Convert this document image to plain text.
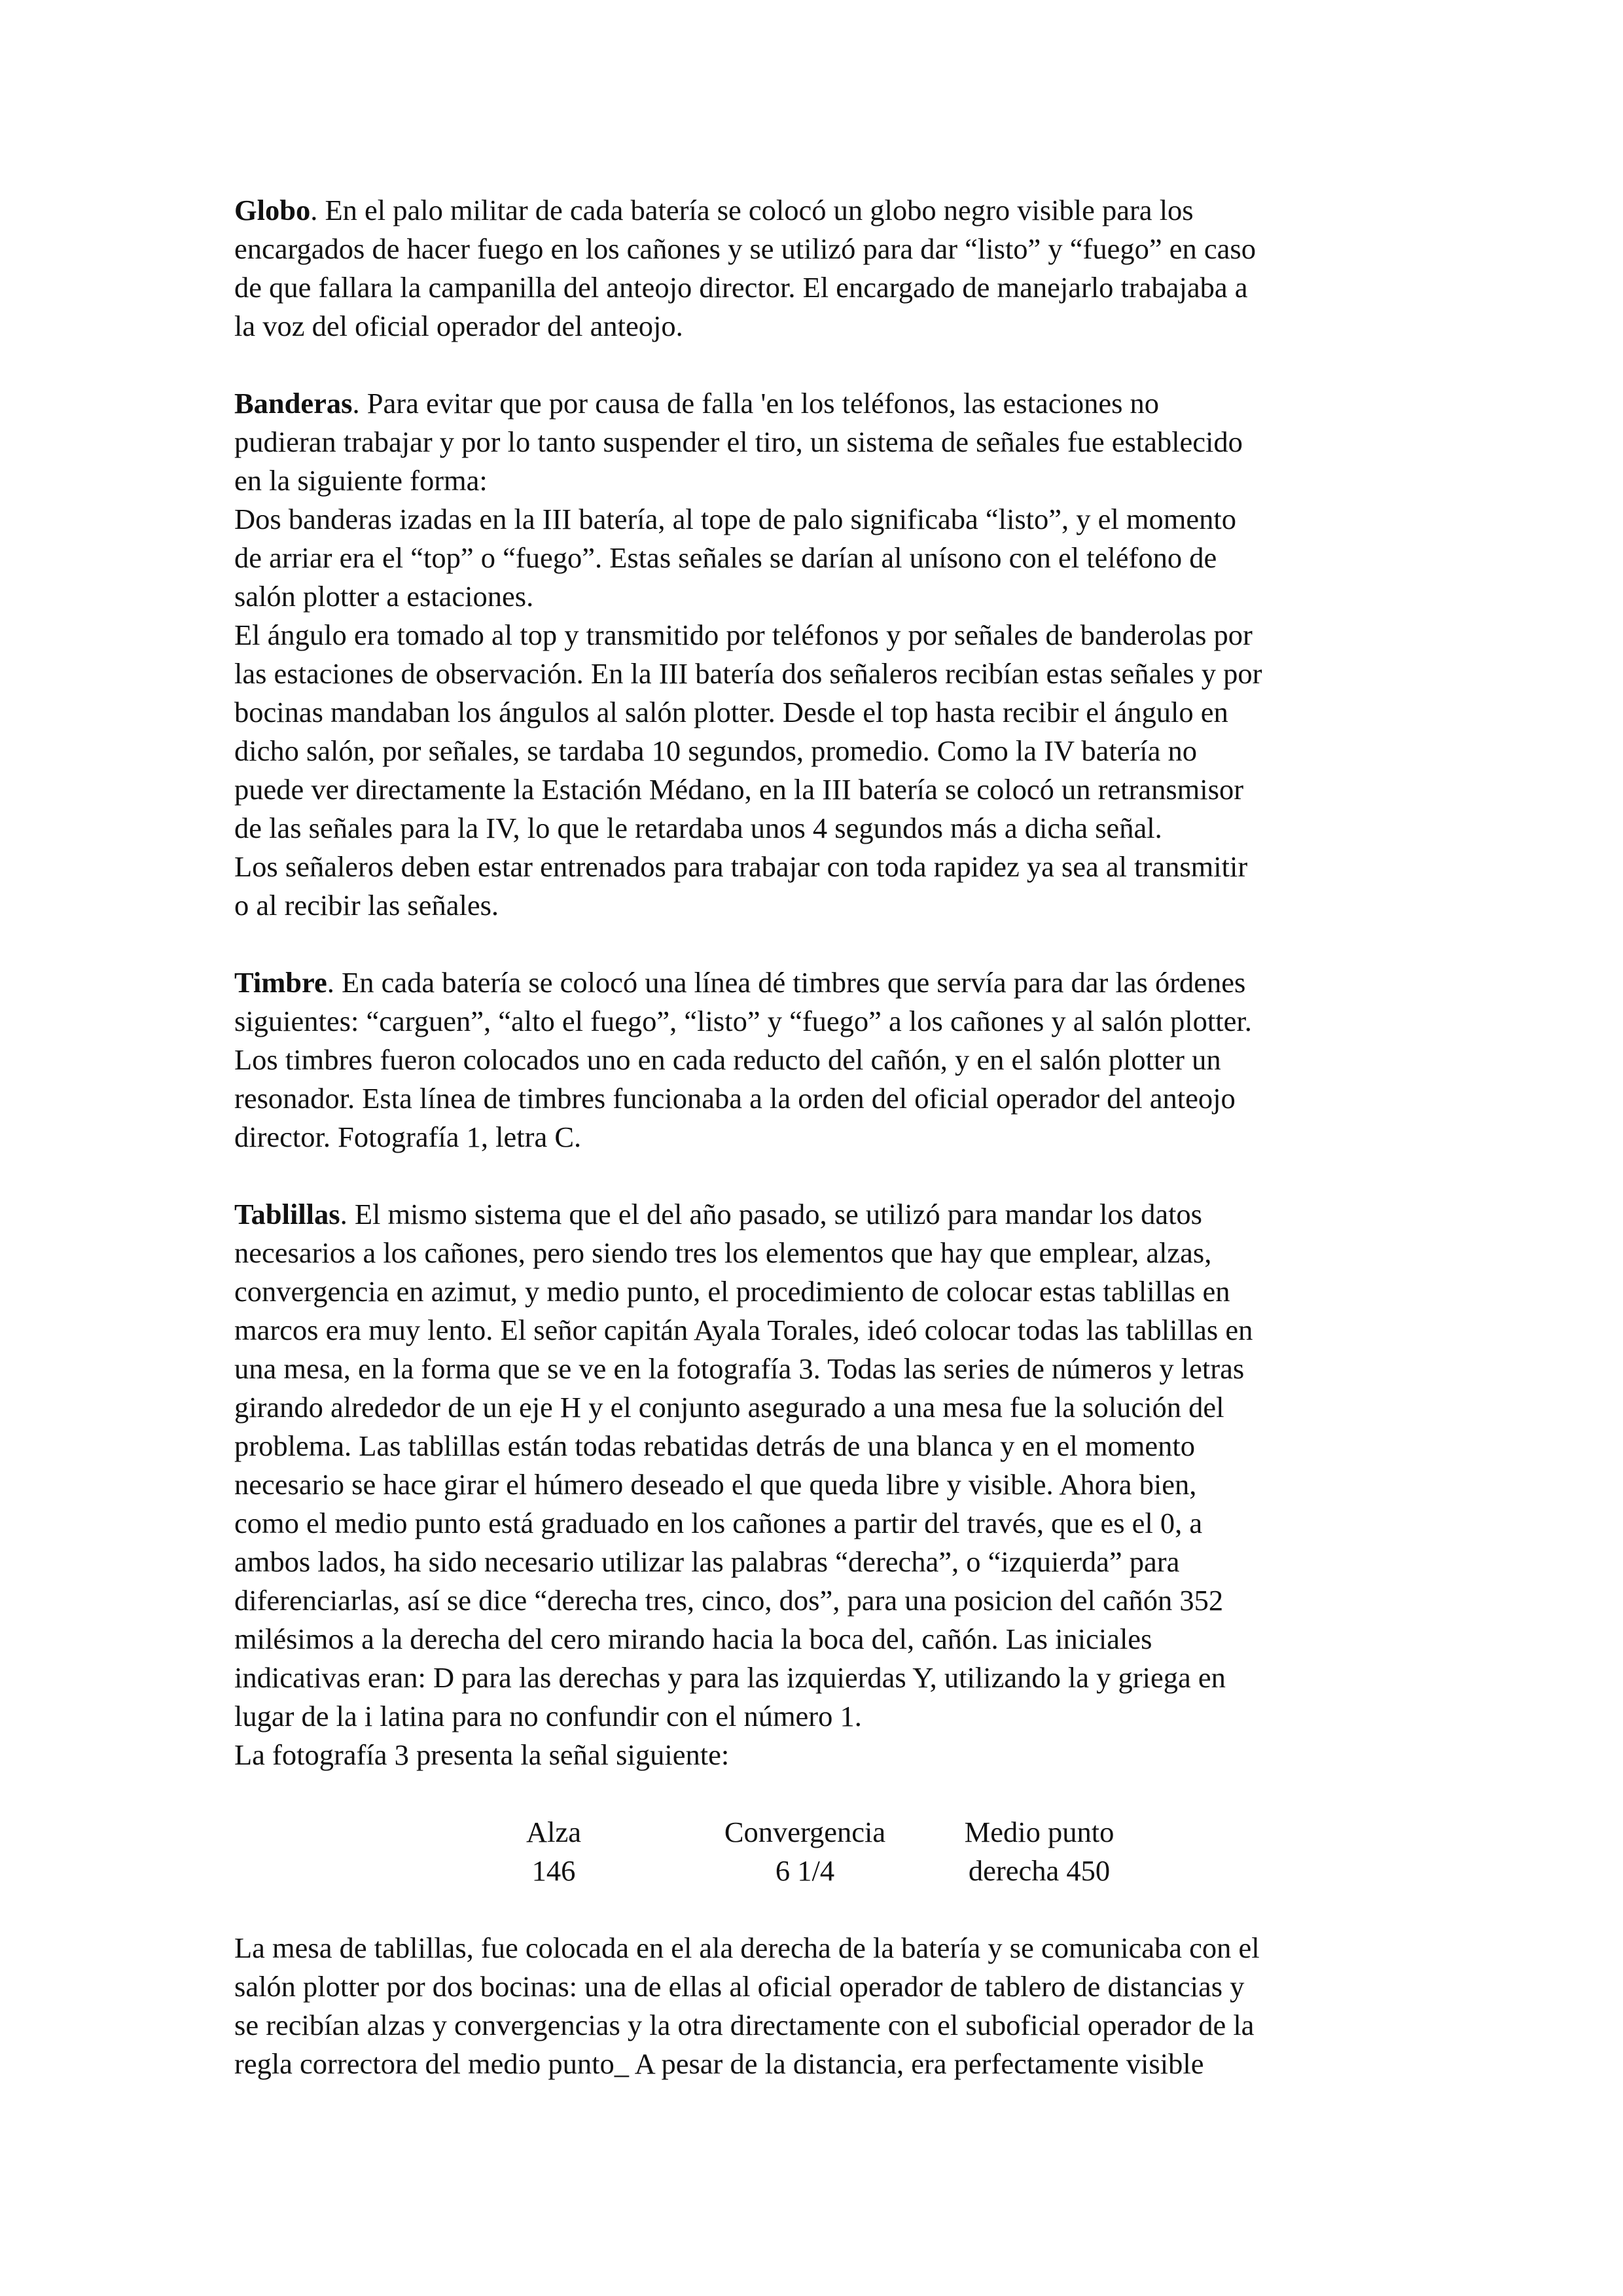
Globo. En el palo militar de cada batería se colocó un globo negro visible para los
encargados de hacer fuego en los cañones y se utilizó para dar “listo” y “fuego” en caso
de que fallara la campanilla del anteojo director. El encargado de manejarlo trabajaba a
la voz del oficial operador del anteojo.
Banderas. Para evitar que por causa de falla 'en los teléfonos, las estaciones no
pudieran trabajar y por lo tanto suspender el tiro, un sistema de señales fue establecido
en la siguiente forma:
Dos banderas izadas en la III batería, al tope de palo significaba “listo”, y el momento
de arriar era el “top” o “fuego”. Estas señales se darían al unísono con el teléfono de
salón plotter a estaciones.
El ángulo era tomado al top y transmitido por teléfonos y por señales de banderolas por
las estaciones de observación. En la III batería dos señaleros recibían estas señales y por
bocinas mandaban los ángulos al salón plotter. Desde el top hasta recibir el ángulo en
dicho salón, por señales, se tardaba 10 segundos, promedio. Como la IV batería no
puede ver directamente la Estación Médano, en la III batería se colocó un retransmisor
de las señales para la IV, lo que le retardaba unos 4 segundos más a dicha señal.
Los señaleros deben estar entrenados para trabajar con toda rapidez ya sea al transmitir
o al recibir las señales.
Timbre. En cada batería se colocó una línea dé timbres que servía para dar las órdenes
siguientes: “carguen”, “alto el fuego”, “listo” y “fuego” a los cañones y al salón plotter.
Los timbres fueron colocados uno en cada reducto del cañón, y en el salón plotter un
resonador. Esta línea de timbres funcionaba a la orden del oficial operador del anteojo
director. Fotografía 1, letra C.
Tablillas. El mismo sistema que el del año pasado, se utilizó para mandar los datos
necesarios a los cañones, pero siendo tres los elementos que hay que emplear, alzas,
convergencia en azimut, y medio punto, el procedimiento de colocar estas tablillas en
marcos era muy lento. El señor capitán Ayala Torales, ideó colocar todas las tablillas en
una mesa, en la forma que se ve en la fotografía 3. Todas las series de números y letras
girando alrededor de un eje H y el conjunto asegurado a una mesa fue la solución del
problema. Las tablillas están todas rebatidas detrás de una blanca y en el momento
necesario se hace girar el húmero deseado el que queda libre y visible. Ahora bien,
como el medio punto está graduado en los cañones a partir del través, que es el 0, a
ambos lados, ha sido necesario utilizar las palabras “derecha”, o “izquierda” para
diferenciarlas, así se dice “derecha tres, cinco, dos”, para una posicion del cañón 352
milésimos a la derecha del cero mirando hacia la boca del, cañón. Las iniciales
indicativas eran: D para las derechas y para las izquierdas Y, utilizando la y griega en
lugar de la i latina para no confundir con el número 1.
La fotografía 3 presenta la señal siguiente:
Alza	Convergencia	Medio punto
146	6 1/4	derecha 450
La mesa de tablillas, fue colocada en el ala derecha de la batería y se comunicaba con el
salón plotter por dos bocinas: una de ellas al oficial operador de tablero de distancias y
se recibían alzas y convergencias y la otra directamente con el suboficial operador de la
regla correctora del medio punto_ A pesar de la distancia, era perfectamente visible
